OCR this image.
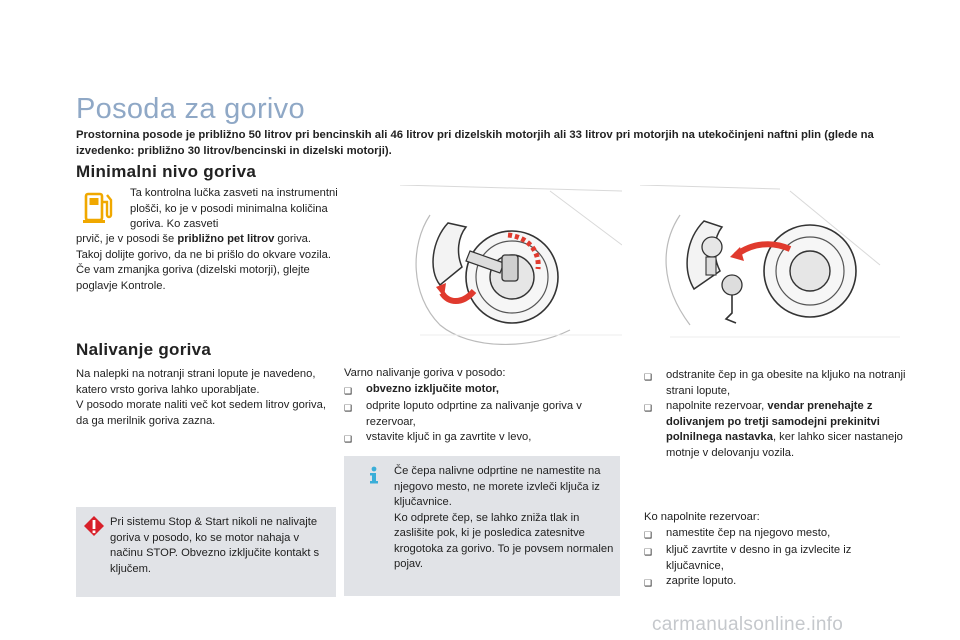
Posoda za gorivo
Prostornina posode je približno 50 litrov pri bencinskih ali 46 litrov pri dizelskih motorjih ali 33 litrov pri motorjih na utekočinjeni naftni plin (glede na izvedenko: približno 30 litrov/bencinski in dizelski motorji).
Minimalni nivo goriva
Ta kontrolna lučka zasveti na instrumentni plošči, ko je v posodi minimalna količina goriva. Ko zasveti
prvič, je v posodi še približno pet litrov goriva.
Takoj dolijte gorivo, da ne bi prišlo do okvare vozila.
Če vam zmanjka goriva (dizelski motorji), glejte poglavje Kontrole.
Nalivanje goriva
Na nalepki na notranji strani lopute je navedeno, katero vrsto goriva lahko uporabljate.
V posodo morate naliti več kot sedem litrov goriva, da ga merilnik goriva zazna.
Pri sistemu Stop & Start nikoli ne nalivajte goriva v posodo, ko se motor nahaja v načinu STOP. Obvezno izključite kontakt s ključem.
Varno nalivanje goriva v posodo:
❑	obvezno izključite motor,
❑	odprite loputo odprtine za nalivanje goriva v rezervoar,
❑	vstavite ključ in ga zavrtite v levo,
Če čepa nalivne odprtine ne namestite na njegovo mesto, ne morete izvleči ključa iz ključavnice.
Ko odprete čep, se lahko zniža tlak in zaslišite pok, ki je posledica zatesnitve krogotoka za gorivo. To je povsem normalen pojav.
❑	odstranite čep in ga obesite na kljuko na notranji strani lopute,
❑	napolnite rezervoar, vendar prenehajte z dolivanjem po tretji samodejni prekinitvi polnilnega nastavka, ker lahko sicer nastanejo motnje v delovanju vozila.
Ko napolnite rezervoar:
❑	namestite čep na njegovo mesto,
❑	ključ zavrtite v desno in ga izvlecite iz ključavnice,
❑	zaprite loputo.
carmanualsonline.info
